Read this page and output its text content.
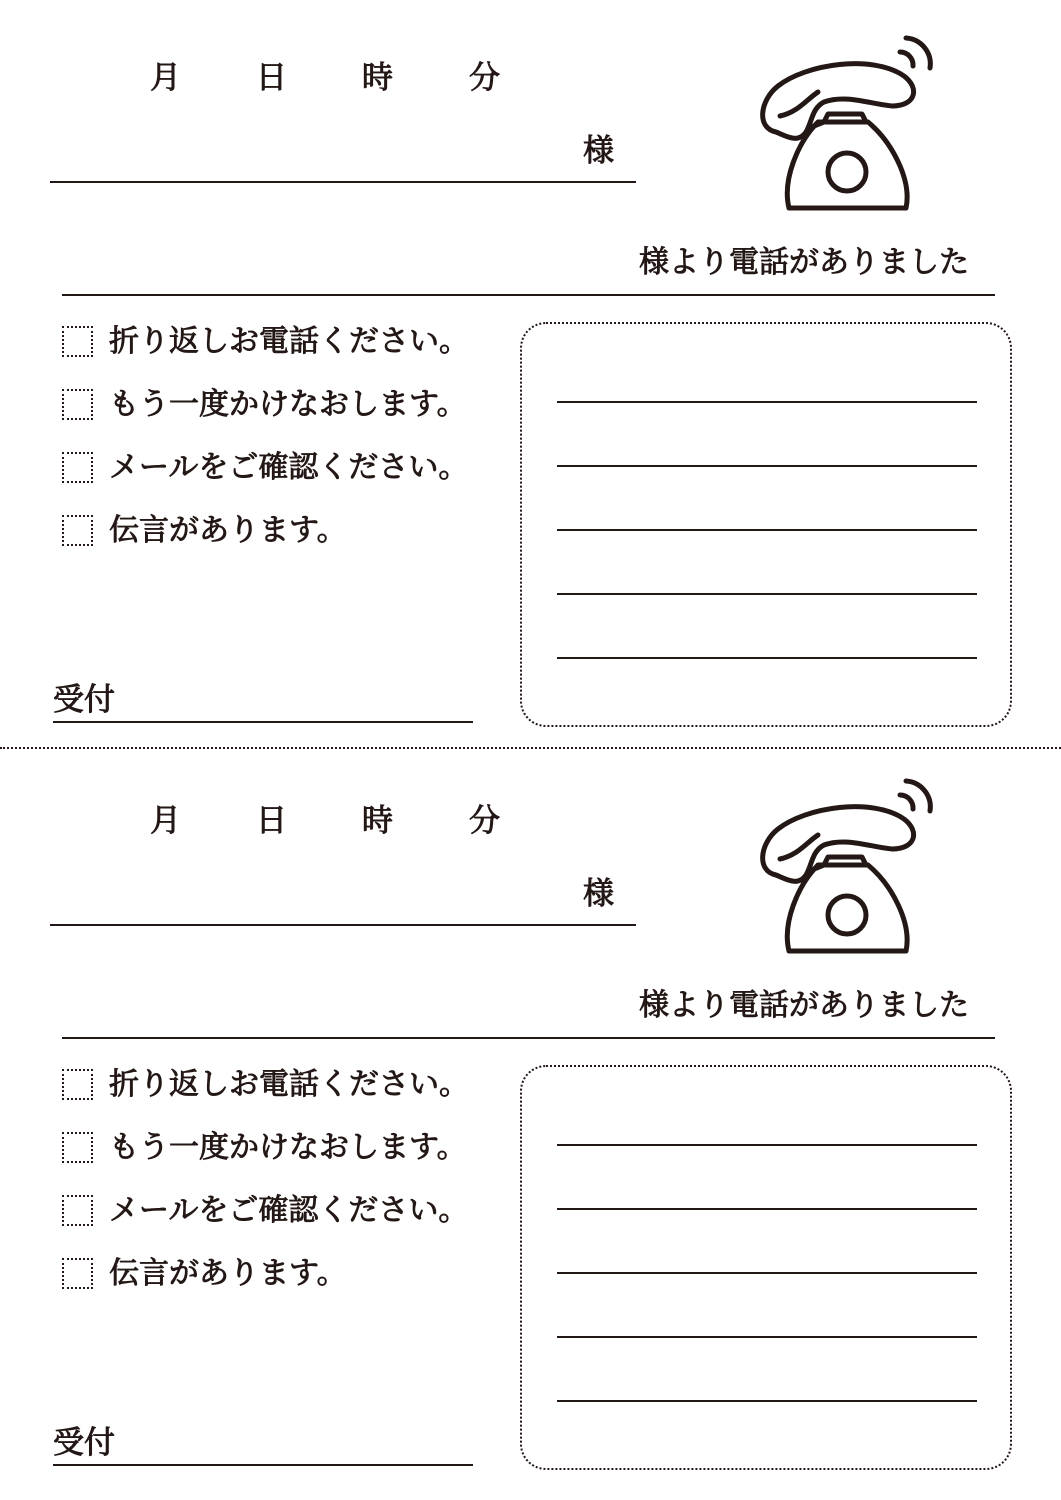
月 日 時 分
様
様より電話がありました
折り返しお電話ください。
もう一度かけなおします。
メールをご確認ください。
伝言があります。
受付
月 日 時 分
様
様より電話がありました
折り返しお電話ください。
もう一度かけなおします。
メールをご確認ください。
伝言があります。
受付
